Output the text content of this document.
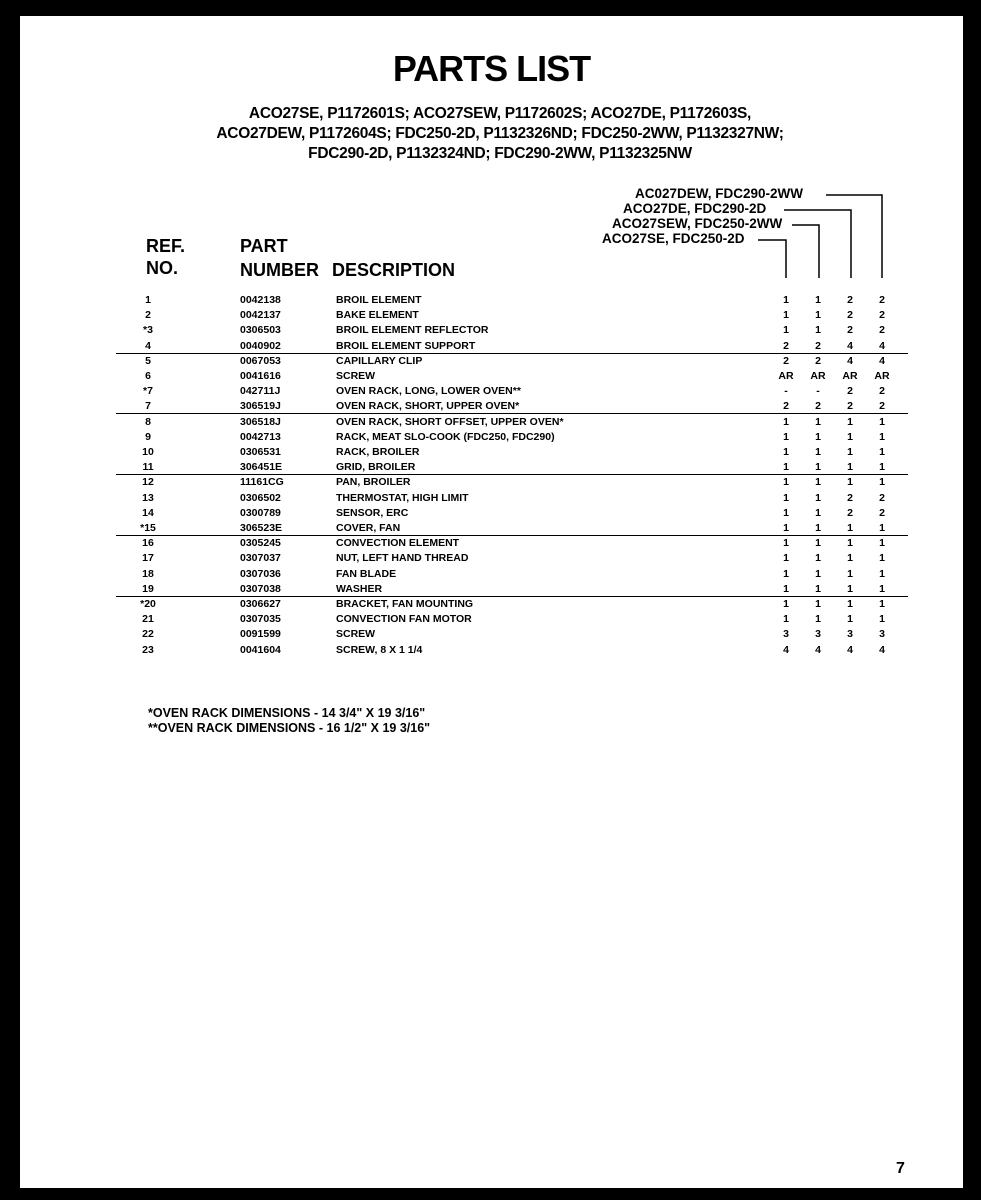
PARTS LIST
ACO27SE, P1172601S; ACO27SEW, P1172602S; ACO27DE, P1172603S,
ACO27DEW, P1172604S; FDC250-2D, P1132326ND; FDC250-2WW, P1132327NW;
FDC290-2D, P1132324ND; FDC290-2WW, P1132325NW
REF.
NO.
PART
NUMBER DESCRIPTION
AC027DEW, FDC290-2WW
ACO27DE, FDC290-2D
ACO27SEW, FDC250-2WW
ACO27SE, FDC250-2D
1	0042138	BROIL ELEMENT	1	1	2	2
2	0042137	BAKE ELEMENT	1	1	2	2
*3	0306503	BROIL ELEMENT REFLECTOR	1	1	2	2
4	0040902	BROIL ELEMENT SUPPORT	2	2	4	4
5	0067053	CAPILLARY CLIP	2	2	4	4
6	0041616	SCREW	AR	AR	AR	AR
*7	042711J	OVEN RACK, LONG, LOWER OVEN**	-	-	2	2
7	306519J	OVEN RACK, SHORT, UPPER OVEN*	2	2	2	2
8	306518J	OVEN RACK, SHORT OFFSET, UPPER OVEN*	1	1	1	1
9	0042713	RACK, MEAT SLO-COOK (FDC250, FDC290)	1	1	1	1
10	0306531	RACK, BROILER	1	1	1	1
11	306451E	GRID, BROILER	1	1	1	1
12	11161CG	PAN, BROILER	1	1	1	1
13	0306502	THERMOSTAT, HIGH LIMIT	1	1	2	2
14	0300789	SENSOR, ERC	1	1	2	2
*15	306523E	COVER, FAN	1	1	1	1
16	0305245	CONVECTION ELEMENT	1	1	1	1
17	0307037	NUT, LEFT HAND THREAD	1	1	1	1
18	0307036	FAN BLADE	1	1	1	1
19	0307038	WASHER	1	1	1	1
*20	0306627	BRACKET, FAN MOUNTING	1	1	1	1
21	0307035	CONVECTION FAN MOTOR	1	1	1	1
22	0091599	SCREW	3	3	3	3
23	0041604	SCREW, 8 X 1 1/4	4	4	4	4
*OVEN RACK DIMENSIONS - 14 3/4" X 19 3/16"
**OVEN RACK DIMENSIONS - 16 1/2" X 19 3/16"
7
